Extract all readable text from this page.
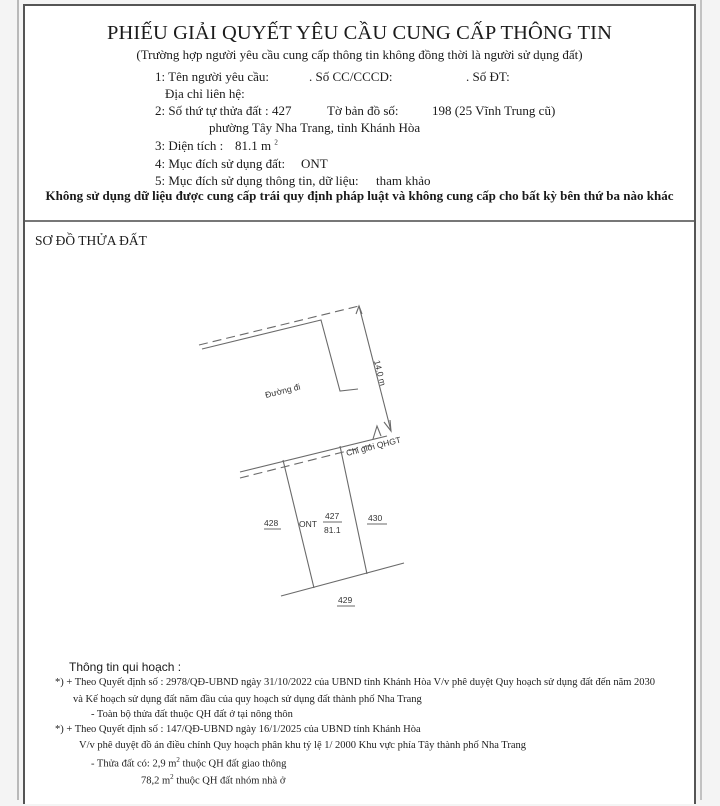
PHIẾU GIẢI QUYẾT YÊU CẦU CUNG CẤP THÔNG TIN
(Trường hợp người yêu cầu cung cấp thông tin không đồng thời là người sử dụng đất)
1: Tên người yêu cầu:	. Số CC/CCCD:	. Số ĐT:
Địa chỉ liên hệ:
2: Số thứ tự thửa đất : 427	Tờ bản đồ số:	198 (25 Vĩnh Trung cũ)
phường Tây Nha Trang, tỉnh Khánh Hòa
3: Diện tích : 81.1 m $^2$
4: Mục đích sử dụng đất: ONT
5: Mục đích sử dụng thông tin, dữ liệu: tham khảo
Không sử dụng dữ liệu được cung cấp trái quy định pháp luật và không cung cấp cho bất kỳ bên thứ ba nào khác
SƠ ĐỒ THỬA ĐẤT
Đường đi
14.0 m
Chỉ giới QHGT
428 ONT
427
81.1
430
429
Thông tin qui hoạch :
*) + Theo Quyết định số : 2978/QĐ-UBND ngày 31/10/2022 của UBND tỉnh Khánh Hòa V/v phê duyệt Quy hoạch sử dụng đất đến năm 2030
và Kế hoạch sử dụng đất năm đầu của quy hoạch sử dụng đất thành phố Nha Trang
- Toàn bộ thửa đất thuộc QH đất ở tại nông thôn
*) + Theo Quyết định số : 147/QĐ-UBND ngày 16/1/2025 của UBND tỉnh Khánh Hòa
V/v phê duyệt đồ án điều chỉnh Quy hoạch phân khu tỷ lệ 1/ 2000 Khu vực phía Tây thành phố Nha Trang
- Thửa đất có: 2,9 $m^2$ thuộc QH đất giao thông
78,2 $m^2$ thuộc QH đất nhóm nhà ở
